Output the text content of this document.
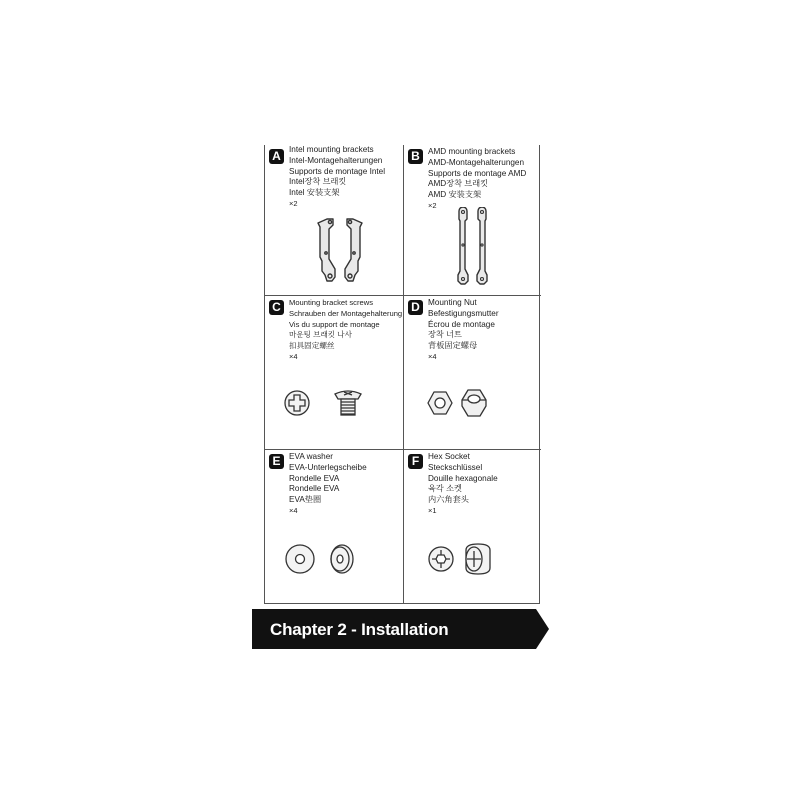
A Intel mounting brackets
Intel-Montagehalterungen
Supports de montage Intel
Intel장착 브래킷
Intel 安装支架
×2
B AMD mounting brackets
AMD-Montagehalterungen
Supports de montage AMD
AMD장착 브래킷
AMD 安装支架
×2
C	Mounting bracket screws
Schrauben der Montagehalterung
Vis du support de montage
마운팅 브래킷 나사
扣具固定螺丝
×4
D Mounting Nut
Befestigungsmutter
Écrou de montage
장착 너트
背板固定螺母
×4
E	EVA washer
EVA-Unterlegscheibe
Rondelle EVA
Rondelle EVA
EVA垫圈
×4
F	Hex Socket
Steckschlüssel
Douille hexagonale
육각 소켓
内六角套头
×1
Chapter 2 - Installation
